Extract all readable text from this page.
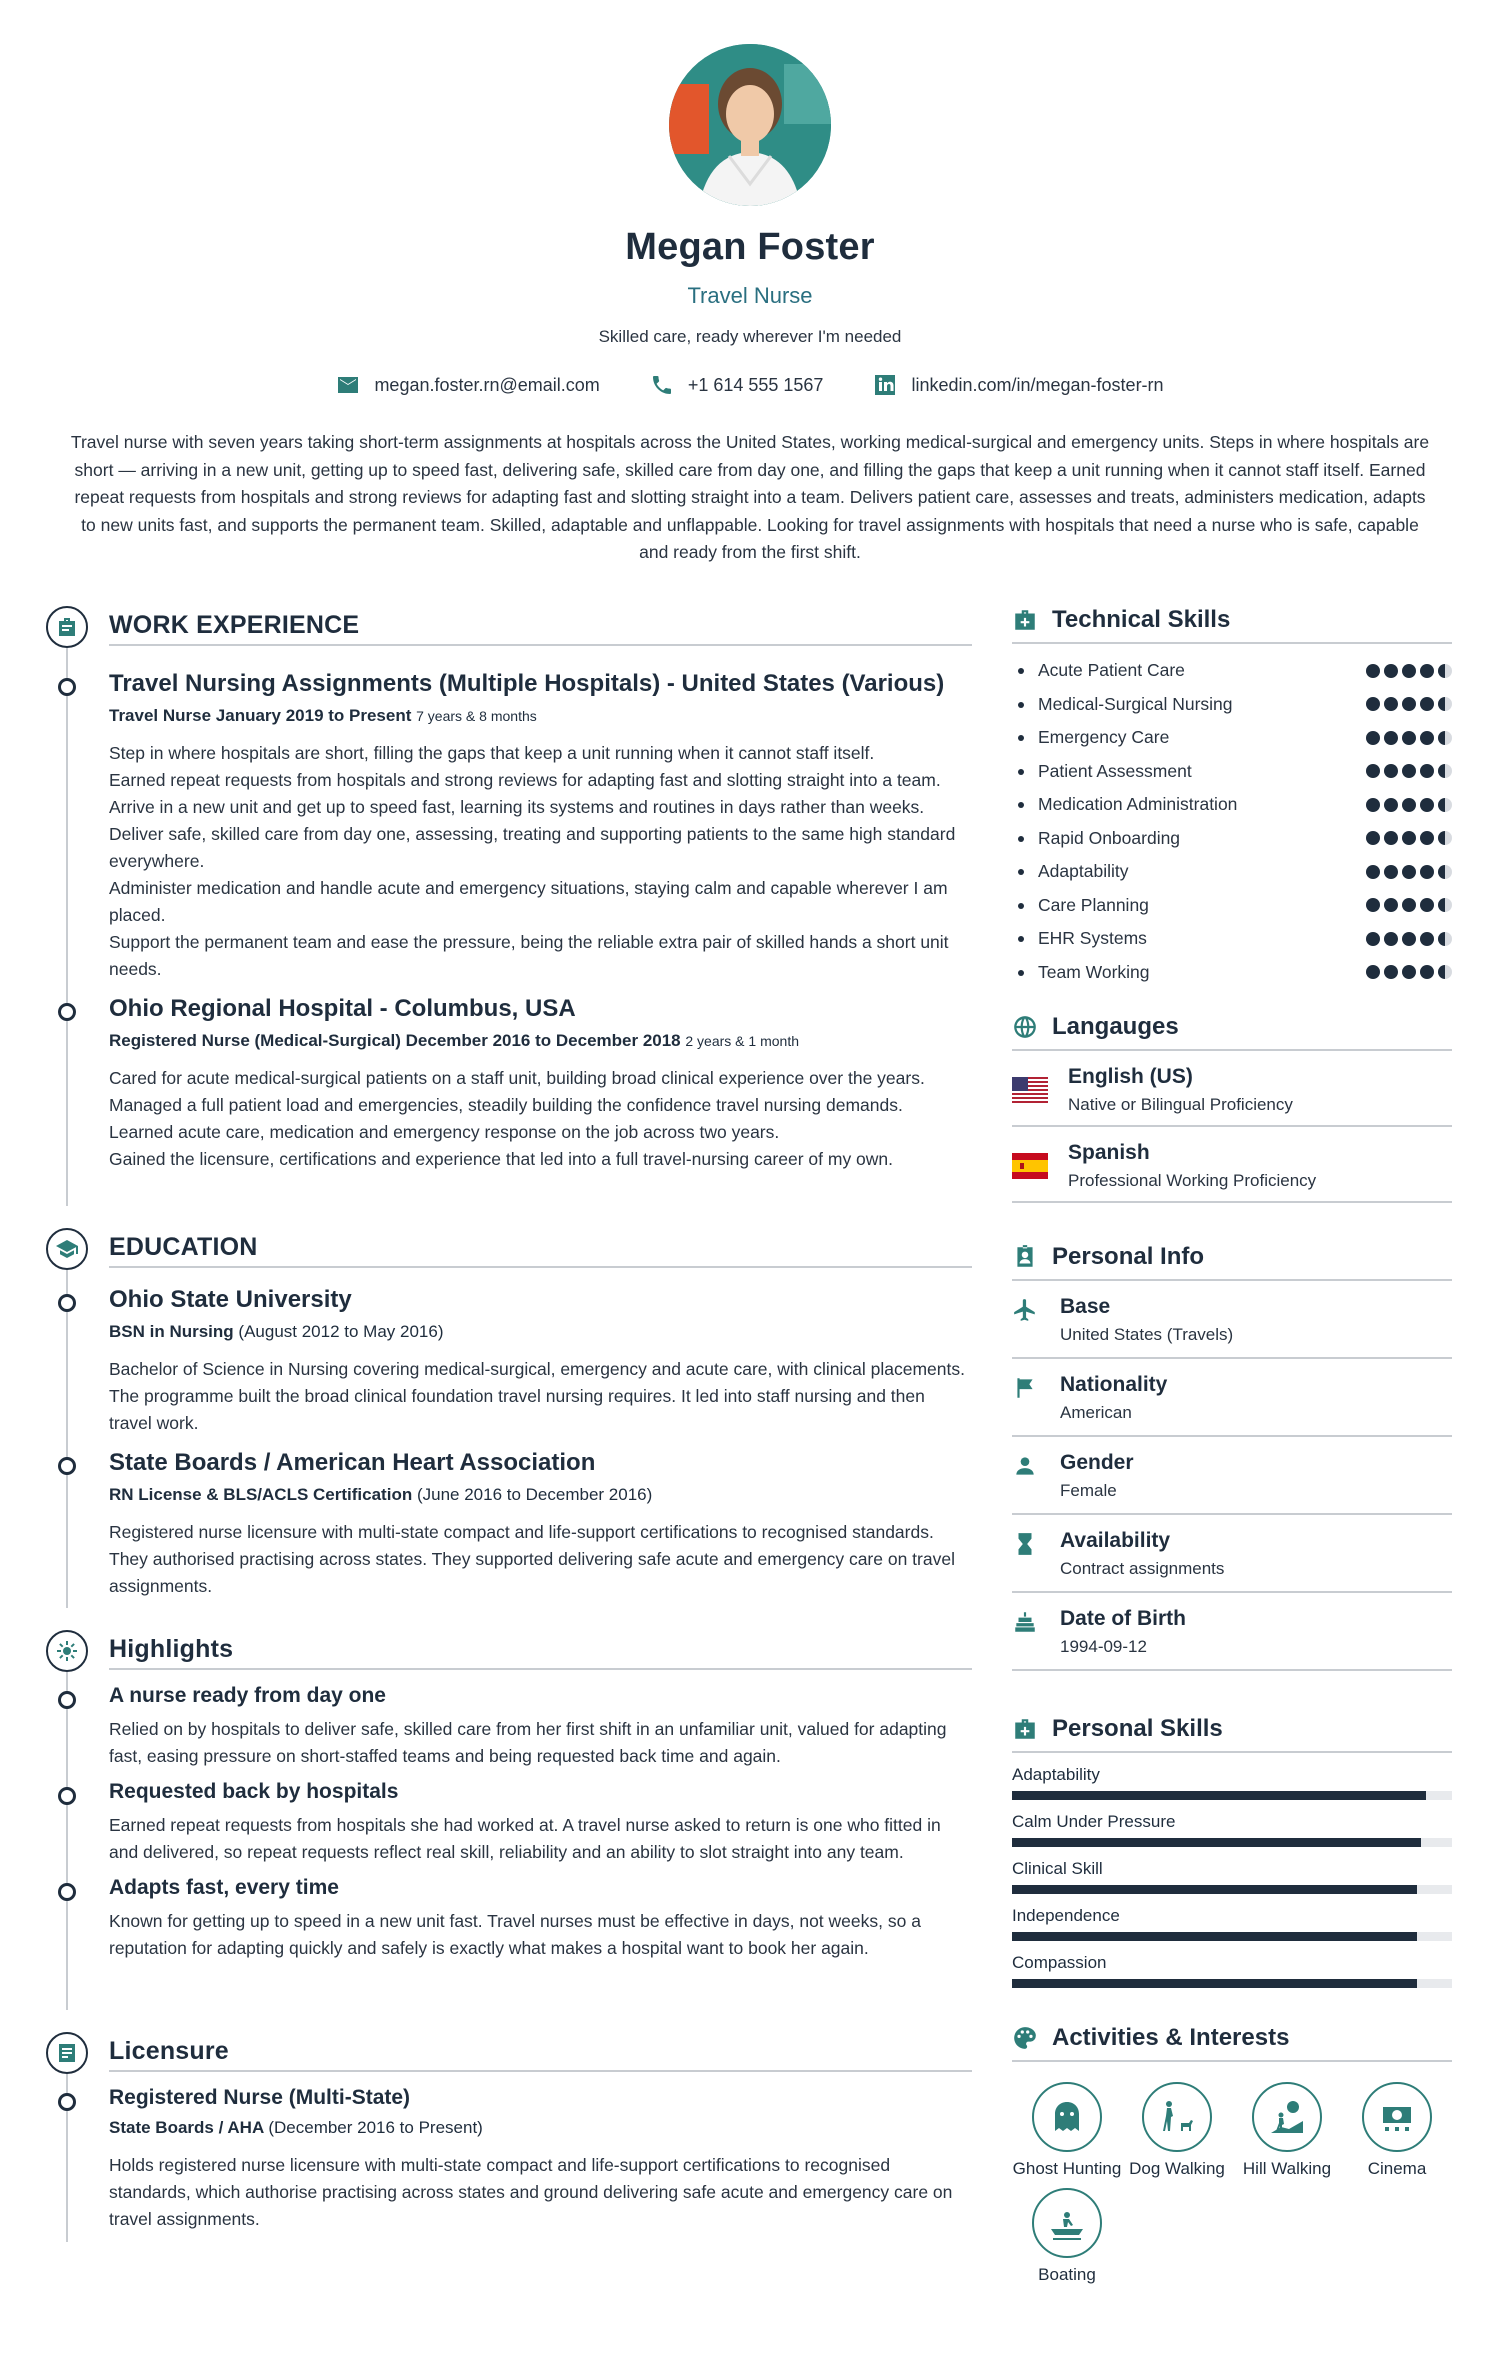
Megan Foster
Travel Nurse
Skilled care, ready wherever I'm needed
megan.foster.rn@email.com	+1 614 555 1567	linkedin.com/in/megan-foster-rn

Travel nurse with seven years taking short-term assignments at hospitals across the United States, working medical-surgical and emergency units. Steps in where hospitals are short — arriving in a new unit, getting up to speed fast, delivering safe, skilled care from day one, and filling the gaps that keep a unit running when it cannot staff itself. Earned repeat requests from hospitals and strong reviews for adapting fast and slotting straight into a team. Delivers patient care, assesses and treats, administers medication, adapts to new units fast, and supports the permanent team. Skilled, adaptable and unflappable. Looking for travel assignments with hospitals that need a nurse who is safe, capable and ready from the first shift.

WORK EXPERIENCE
Travel Nursing Assignments (Multiple Hospitals) - United States (Various)
Travel Nurse January 2019 to Present 7 years & 8 months
Step in where hospitals are short, filling the gaps that keep a unit running when it cannot staff itself.
Earned repeat requests from hospitals and strong reviews for adapting fast and slotting straight into a team.
Arrive in a new unit and get up to speed fast, learning its systems and routines in days rather than weeks.
Deliver safe, skilled care from day one, assessing, treating and supporting patients to the same high standard everywhere.
Administer medication and handle acute and emergency situations, staying calm and capable wherever I am placed.
Support the permanent team and ease the pressure, being the reliable extra pair of skilled hands a short unit needs.
Ohio Regional Hospital - Columbus, USA
Registered Nurse (Medical-Surgical) December 2016 to December 2018 2 years & 1 month
Cared for acute medical-surgical patients on a staff unit, building broad clinical experience over the years.
Managed a full patient load and emergencies, steadily building the confidence travel nursing demands.
Learned acute care, medication and emergency response on the job across two years.
Gained the licensure, certifications and experience that led into a full travel-nursing career of my own.
EDUCATION
Ohio State University
BSN in Nursing (August 2012 to May 2016)
Bachelor of Science in Nursing covering medical-surgical, emergency and acute care, with clinical placements. The programme built the broad clinical foundation travel nursing requires. It led into staff nursing and then travel work.
State Boards / American Heart Association
RN License & BLS/ACLS Certification (June 2016 to December 2016)
Registered nurse licensure with multi-state compact and life-support certifications to recognised standards. They authorised practising across states. They supported delivering safe acute and emergency care on travel assignments.
Highlights
A nurse ready from day one
Relied on by hospitals to deliver safe, skilled care from her first shift in an unfamiliar unit, valued for adapting fast, easing pressure on short-staffed teams and being requested back time and again.
Requested back by hospitals
Earned repeat requests from hospitals she had worked at. A travel nurse asked to return is one who fitted in and delivered, so repeat requests reflect real skill, reliability and an ability to slot straight into any team.
Adapts fast, every time
Known for getting up to speed in a new unit fast. Travel nurses must be effective in days, not weeks, so a reputation for adapting quickly and safely is exactly what makes a hospital want to book her again.
Licensure
Registered Nurse (Multi-State)
State Boards / AHA (December 2016 to Present)
Holds registered nurse licensure with multi-state compact and life-support certifications to recognised standards, which authorise practising across states and ground delivering safe acute and emergency care on travel assignments.
Technical Skills
Acute Patient Care
Medical-Surgical Nursing
Emergency Care
Patient Assessment
Medication Administration
Rapid Onboarding
Adaptability
Care Planning
EHR Systems
Team Working
Langauges
English (US)
Native or Bilingual Proficiency
Spanish
Professional Working Proficiency
Personal Info
Base
United States (Travels)
Nationality
American
Gender
Female
Availability
Contract assignments
Date of Birth
1994-09-12
Personal Skills
Adaptability
Calm Under Pressure
Clinical Skill
Independence
Compassion
Activities & Interests
Ghost Hunting Dog Walking	Hill Walking	Cinema
Boating
